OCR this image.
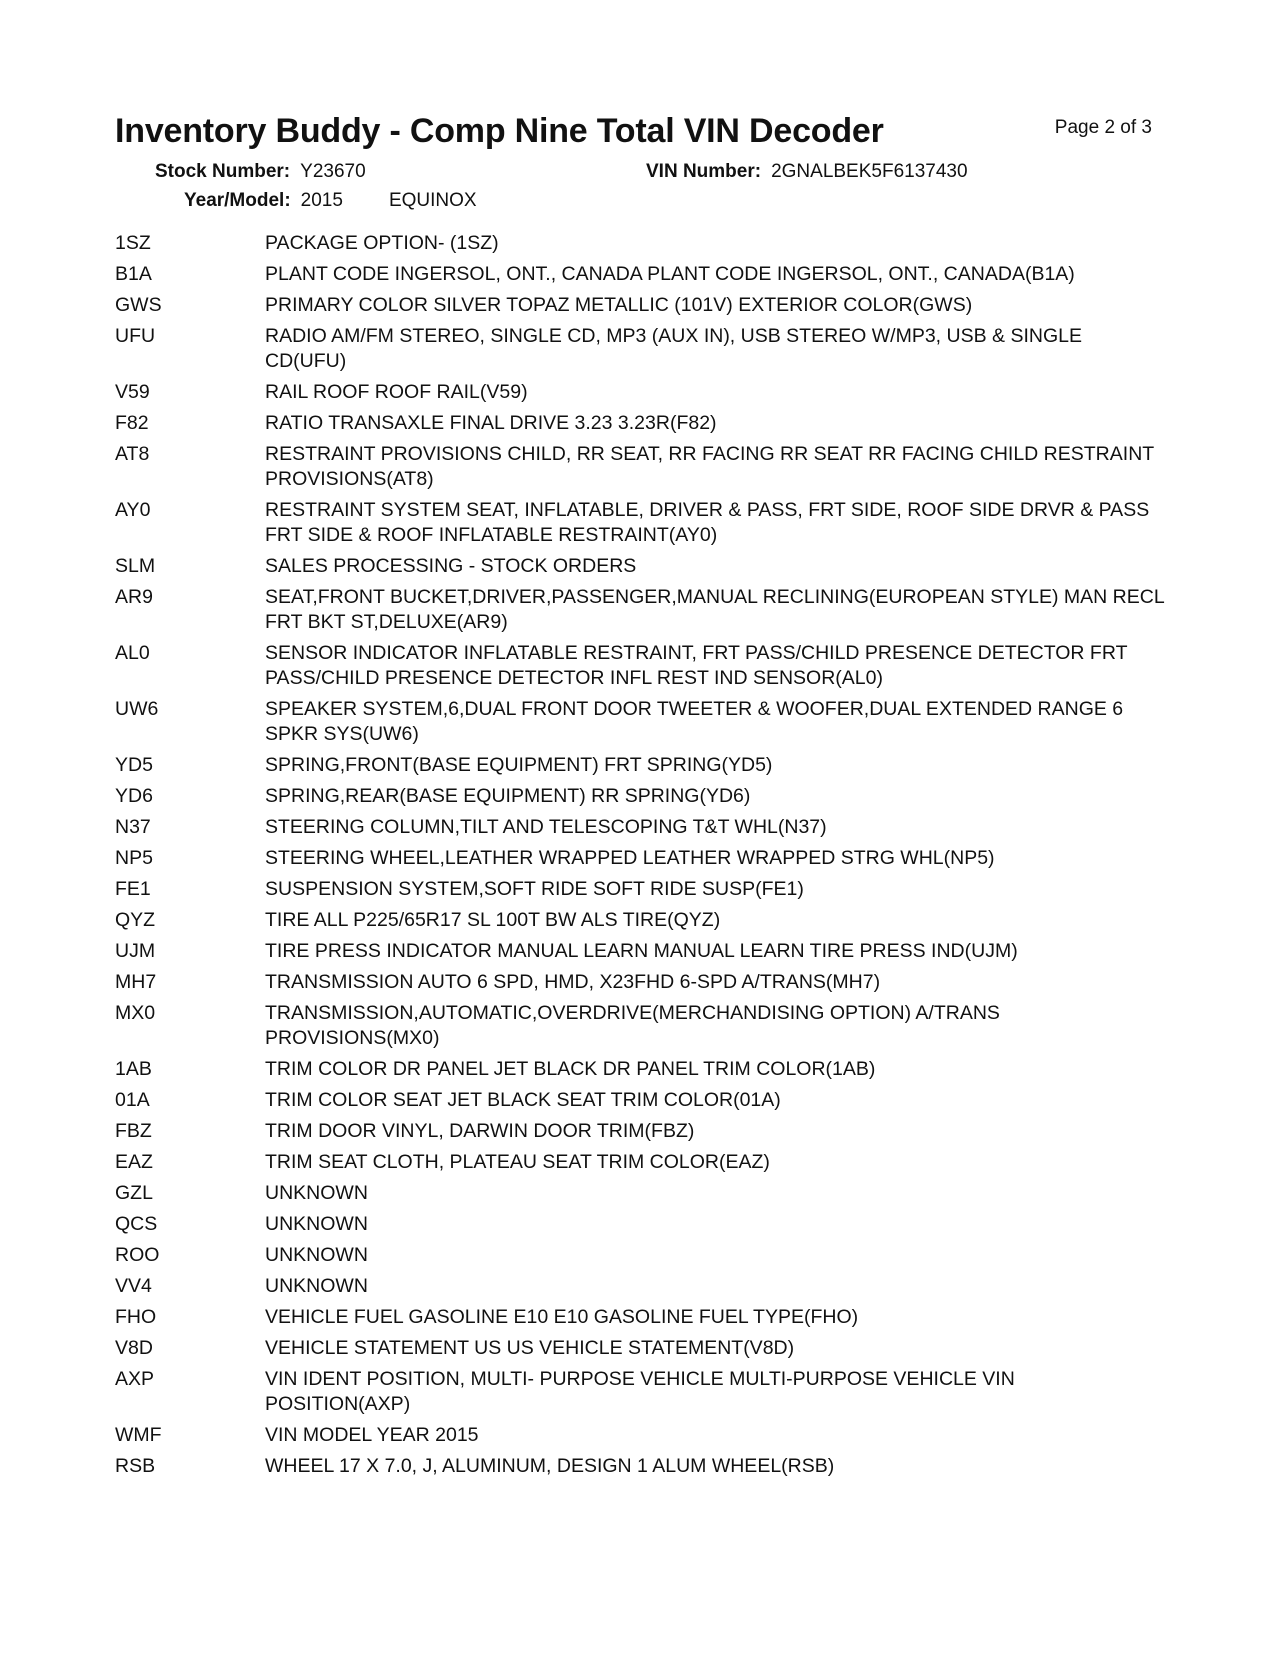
Inventory Buddy - Comp Nine Total VIN Decoder	Page 2 of 3
Stock Number: Y23670	VIN Number: 2GNALBEK5F6137430
Year/Model: 2015 EQUINOX
1SZ	PACKAGE OPTION- (1SZ)
B1A	PLANT CODE INGERSOL, ONT., CANADA PLANT CODE INGERSOL, ONT., CANADA(B1A)
GWS	PRIMARY COLOR SILVER TOPAZ METALLIC (101V) EXTERIOR COLOR(GWS)
UFU	RADIO AM/FM STEREO, SINGLE CD, MP3 (AUX IN), USB STEREO W/MP3, USB & SINGLE CD(UFU)
V59	RAIL ROOF ROOF RAIL(V59)
F82	RATIO TRANSAXLE FINAL DRIVE 3.23 3.23R(F82)
AT8	RESTRAINT PROVISIONS CHILD, RR SEAT, RR FACING RR SEAT RR FACING CHILD RESTRAINT PROVISIONS(AT8)
AY0	RESTRAINT SYSTEM SEAT, INFLATABLE, DRIVER & PASS, FRT SIDE, ROOF SIDE DRVR & PASS FRT SIDE & ROOF INFLATABLE RESTRAINT(AY0)
SLM	SALES PROCESSING - STOCK ORDERS
AR9	SEAT,FRONT BUCKET,DRIVER,PASSENGER,MANUAL RECLINING(EUROPEAN STYLE) MAN RECL FRT BKT ST,DELUXE(AR9)
AL0	SENSOR INDICATOR INFLATABLE RESTRAINT, FRT PASS/CHILD PRESENCE DETECTOR FRT PASS/CHILD PRESENCE DETECTOR INFL REST IND SENSOR(AL0)
UW6	SPEAKER SYSTEM,6,DUAL FRONT DOOR TWEETER & WOOFER,DUAL EXTENDED RANGE 6 SPKR SYS(UW6)
YD5	SPRING,FRONT(BASE EQUIPMENT) FRT SPRING(YD5)
YD6	SPRING,REAR(BASE EQUIPMENT) RR SPRING(YD6)
N37	STEERING COLUMN,TILT AND TELESCOPING T&T WHL(N37)
NP5	STEERING WHEEL,LEATHER WRAPPED LEATHER WRAPPED STRG WHL(NP5)
FE1	SUSPENSION SYSTEM,SOFT RIDE SOFT RIDE SUSP(FE1)
QYZ	TIRE ALL P225/65R17 SL 100T BW ALS TIRE(QYZ)
UJM	TIRE PRESS INDICATOR MANUAL LEARN MANUAL LEARN TIRE PRESS IND(UJM)
MH7	TRANSMISSION AUTO 6 SPD, HMD, X23FHD 6-SPD A/TRANS(MH7)
MX0	TRANSMISSION,AUTOMATIC,OVERDRIVE(MERCHANDISING OPTION) A/TRANS PROVISIONS(MX0)
1AB	TRIM COLOR DR PANEL JET BLACK DR PANEL TRIM COLOR(1AB)
01A	TRIM COLOR SEAT JET BLACK SEAT TRIM COLOR(01A)
FBZ	TRIM DOOR VINYL, DARWIN DOOR TRIM(FBZ)
EAZ	TRIM SEAT CLOTH, PLATEAU SEAT TRIM COLOR(EAZ)
GZL	UNKNOWN
QCS	UNKNOWN
ROO	UNKNOWN
VV4	UNKNOWN
FHO	VEHICLE FUEL GASOLINE E10 E10 GASOLINE FUEL TYPE(FHO)
V8D	VEHICLE STATEMENT US US VEHICLE STATEMENT(V8D)
AXP	VIN IDENT POSITION, MULTI- PURPOSE VEHICLE MULTI-PURPOSE VEHICLE VIN POSITION(AXP)
WMF	VIN MODEL YEAR 2015
RSB	WHEEL 17 X 7.0, J, ALUMINUM, DESIGN 1 ALUM WHEEL(RSB)
